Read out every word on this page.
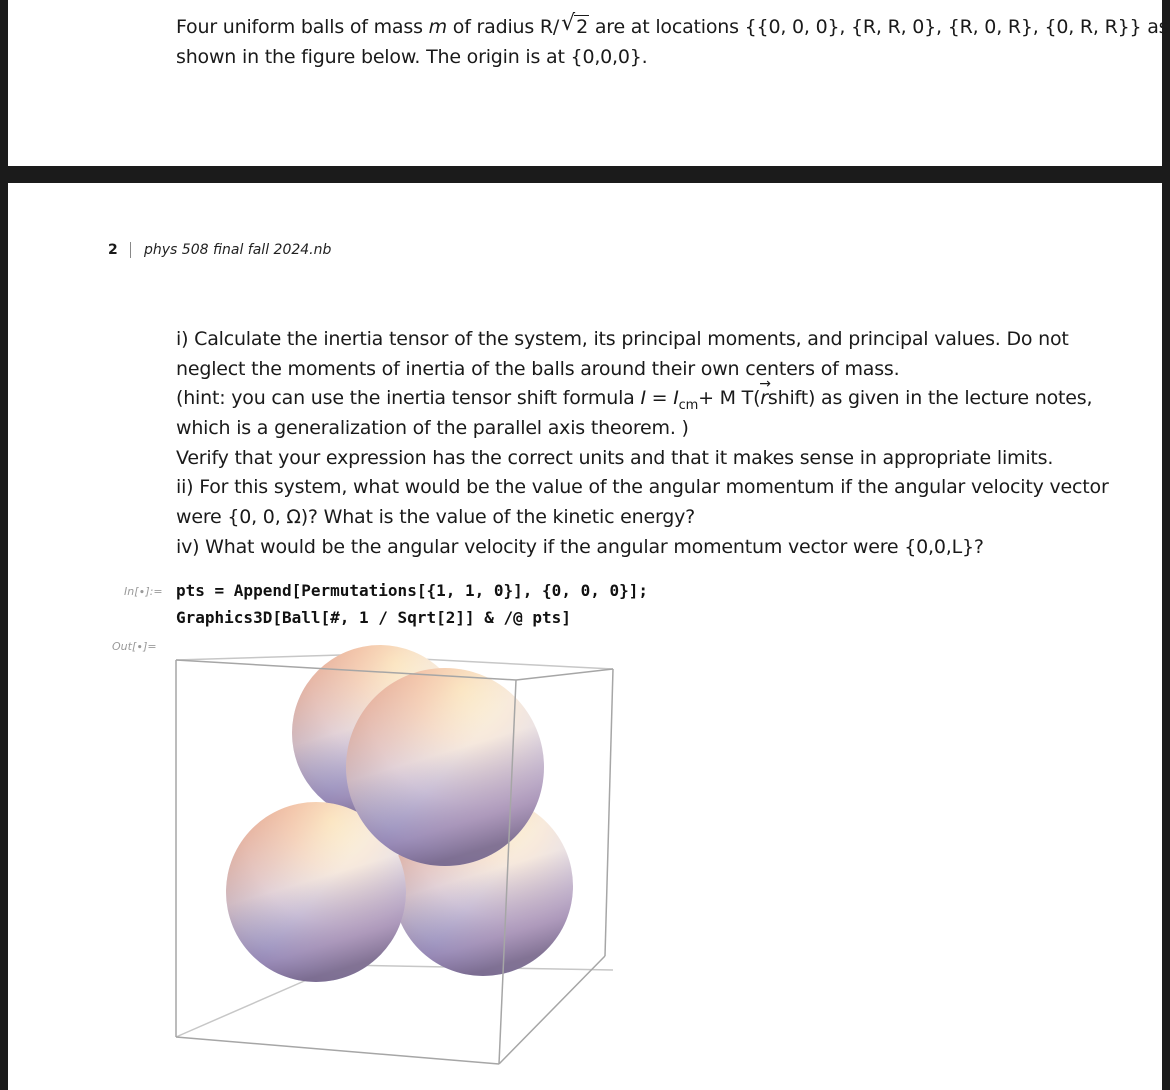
Four uniform balls of mass m of radius R/ √ 2 are at locations {{0, 0, 0}, {R, R, 0}, {R, 0, R}, {0, R, R}} as
shown in the figure below. The origin is at {0,0,0}.
2	phys 508 final fall 2024.nb
i) Calculate the inertia tensor of the system, its principal moments, and principal values. Do not
neglect the moments of inertia of the balls around their own centers of mass.
(hint: you can use the inertia tensor shift formula $I = I_{cm}+ M$ T(→ rshift) as given in the lecture notes,
which is a generalization of the parallel axis theorem. )
Verify that your expression has the correct units and that it makes sense in appropriate limits.
ii) For this system, what would be the value of the angular momentum if the angular velocity vector
were {0, 0, Ω)? What is the value of the kinetic energy?
iv) What would be the angular velocity if the angular momentum vector were {0,0,L}?
In[∙]:= pts = Append[Permutations[{1, 1, 0}], {0, 0, 0}];
Graphics3D[Ball[#, 1 / Sqrt[2]] & /@ pts]
Out[∙]=
